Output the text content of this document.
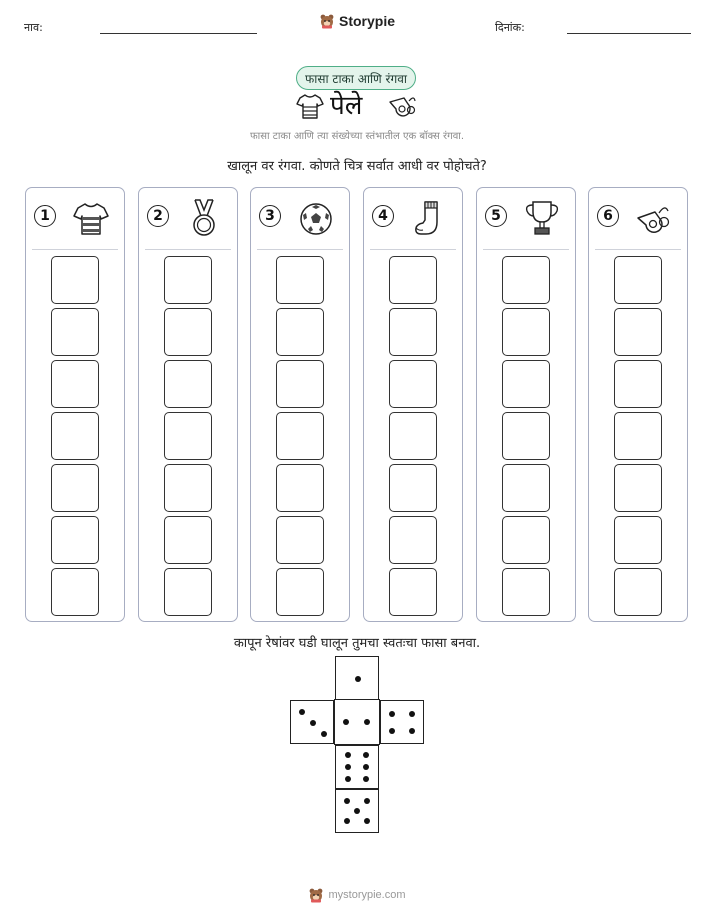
नाव:	Storypie	दिनांक:
फासा टाका आणि रंगवा
पेले
फासा टाका आणि त्या संख्येच्या स्तंभातील एक बॉक्स रंगवा.
खालून वर रंगवा. कोणते चित्र सर्वात आधी वर पोहोचते?
1	2	3	4	5	6
कापून रेषांवर घडी घालून तुमचा स्वतःचा फासा बनवा.
mystorypie.com
